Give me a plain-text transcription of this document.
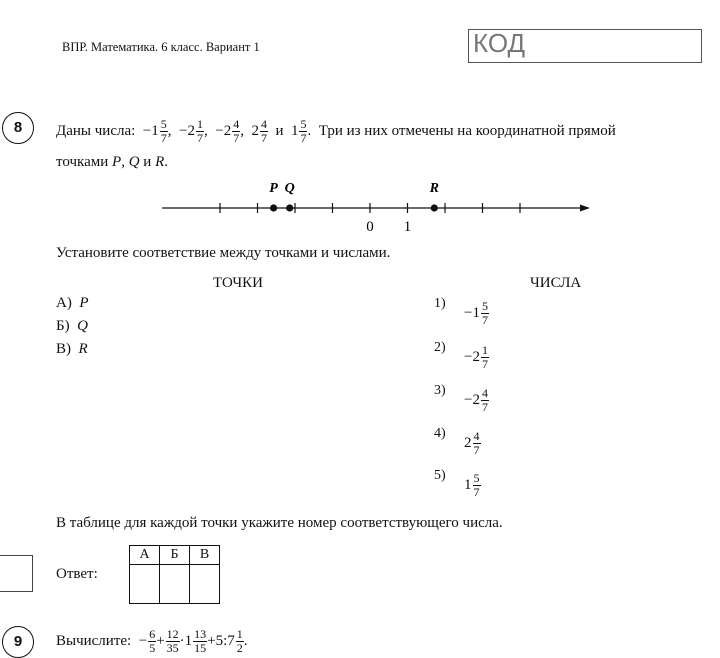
ВПР. Математика. 6 класс. Вариант 1	КОД
8	Даны числа: $-1 \frac{5}{7}$ , $-2 \frac{1}{7}$ , $-2 \frac{4}{7}$ , $2 \frac{4}{7}$ и $1 \frac{5}{7}$ . Три из них отмечены на координатной прямой
точками P, Q и R.
P Q	R
0 1
Установите соответствие между точками и числами.
ТОЧКИ	ЧИСЛА
А) P
Б) Q
В) R
$1)-1 \frac{5}{7}$
$2)-2 \frac{1}{7}$
$3)-2 \frac{4}{7}$
$4)2 \frac{4}{7}$
$5)1 \frac{5}{7}$
В таблице для каждой точки укажите номер соответствующего числа.
Ответ:
А	Б	В

9	Вычислите: − $\frac{6}{5} + \frac{12}{35} \cdot 1 \frac{13}{15}$ +5:7 $\frac{1}{2}$ .
